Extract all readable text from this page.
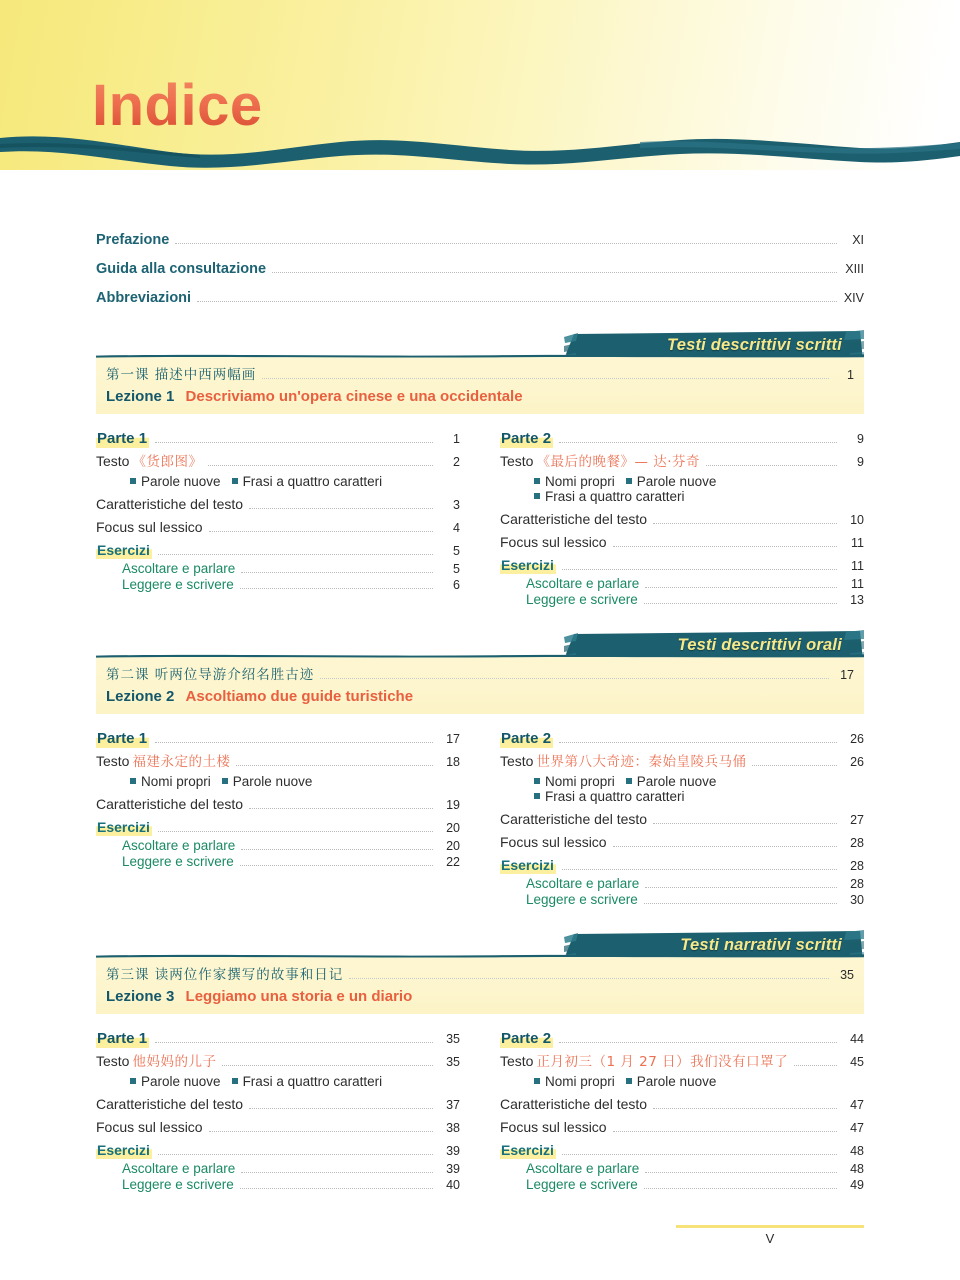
Indice
Prefazione	XI
Guida alla consultazione	XIII
Abbreviazioni	XIV
Testi descrittivi scritti
第一课 描述中西两幅画	1
Lezione 1 Descriviamo un'opera cinese e una occidentale
Parte 1	1
Testo 《货郎图》	2
Parole nuove Frasi a quattro caratteri
Caratteristiche del testo	3
Focus sul lessico	4
Esercizi	5
Ascoltare e parlare	5
Leggere e scrivere	6
Parte 2	9
Testo 《最后的晚餐》— 达·芬奇	9
Nomi propri Parole nuove
Frasi a quattro caratteri
Caratteristiche del testo	10
Focus sul lessico	11
Esercizi	11
Ascoltare e parlare	11
Leggere e scrivere	13
Testi descrittivi orali
第二课 听两位导游介绍名胜古迹	17
Lezione 2 Ascoltiamo due guide turistiche
Parte 1	17
Testo 福建永定的土楼	18
Nomi propri Parole nuove
Caratteristiche del testo	19
Esercizi	20
Ascoltare e parlare	20
Leggere e scrivere	22
Parte 2	26
Testo 世界第八大奇迹：秦始皇陵兵马俑	26
Nomi propri Parole nuove
Frasi a quattro caratteri
Caratteristiche del testo	27
Focus sul lessico	28
Esercizi	28
Ascoltare e parlare	28
Leggere e scrivere	30
Testi narrativi scritti
第三课 读两位作家撰写的故事和日记	35
Lezione 3 Leggiamo una storia e un diario
Parte 1	35
Testo 他妈妈的儿子	35
Parole nuove Frasi a quattro caratteri
Caratteristiche del testo	37
Focus sul lessico	38
Esercizi	39
Ascoltare e parlare	39
Leggere e scrivere	40
Parte 2	44
Testo 正月初三（1 月 27 日）我们没有口罩了	45
Nomi propri Parole nuove
Caratteristiche del testo	47
Focus sul lessico	47
Esercizi	48
Ascoltare e parlare	48
Leggere e scrivere	49
V
